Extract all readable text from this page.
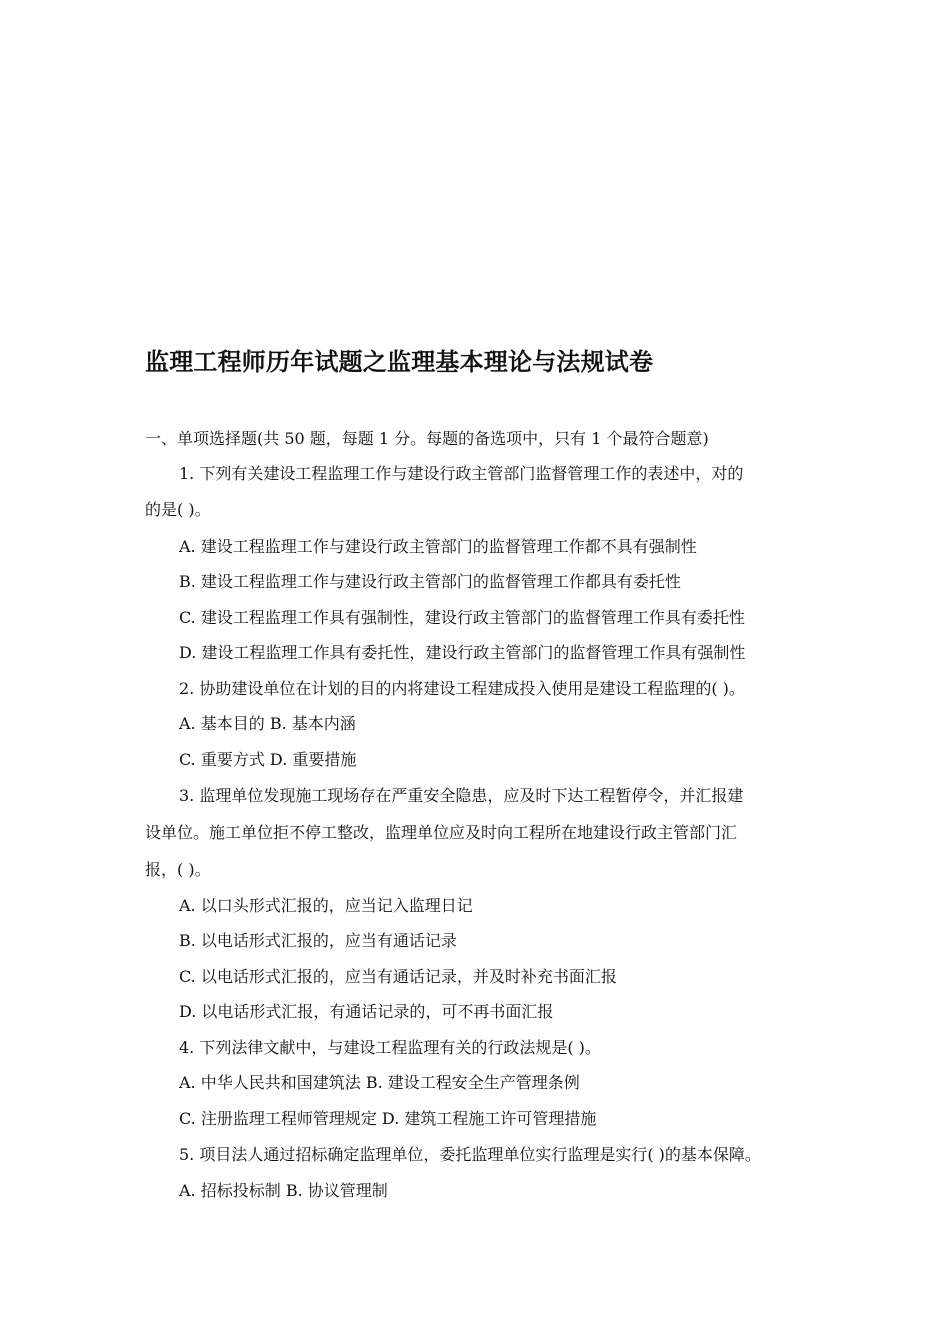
监理工程师历年试题之监理基本理论与法规试卷
一、单项选择题(共 50 题，每题 1 分。每题的备选项中，只有 1 个最符合题意)
1. 下列有关建设工程监理工作与建设行政主管部门监督管理工作的表述中，对的
的是( )。
A. 建设工程监理工作与建设行政主管部门的监督管理工作都不具有强制性
B. 建设工程监理工作与建设行政主管部门的监督管理工作都具有委托性
C. 建设工程监理工作具有强制性，建设行政主管部门的监督管理工作具有委托性
D. 建设工程监理工作具有委托性，建设行政主管部门的监督管理工作具有强制性
2. 协助建设单位在计划的目的内将建设工程建成投入使用是建设工程监理的( )。
A. 基本目的 B. 基本内涵
C. 重要方式 D. 重要措施
3. 监理单位发现施工现场存在严重安全隐患，应及时下达工程暂停令，并汇报建
设单位。施工单位拒不停工整改，监理单位应及时向工程所在地建设行政主管部门汇
报，( )。
A. 以口头形式汇报的，应当记入监理日记
B. 以电话形式汇报的，应当有通话记录
C. 以电话形式汇报的，应当有通话记录，并及时补充书面汇报
D. 以电话形式汇报，有通话记录的，可不再书面汇报
4. 下列法律文献中，与建设工程监理有关的行政法规是( )。
A. 中华人民共和国建筑法 B. 建设工程安全生产管理条例
C. 注册监理工程师管理规定 D. 建筑工程施工许可管理措施
5. 项目法人通过招标确定监理单位，委托监理单位实行监理是实行( )的基本保障。
A. 招标投标制 B. 协议管理制
